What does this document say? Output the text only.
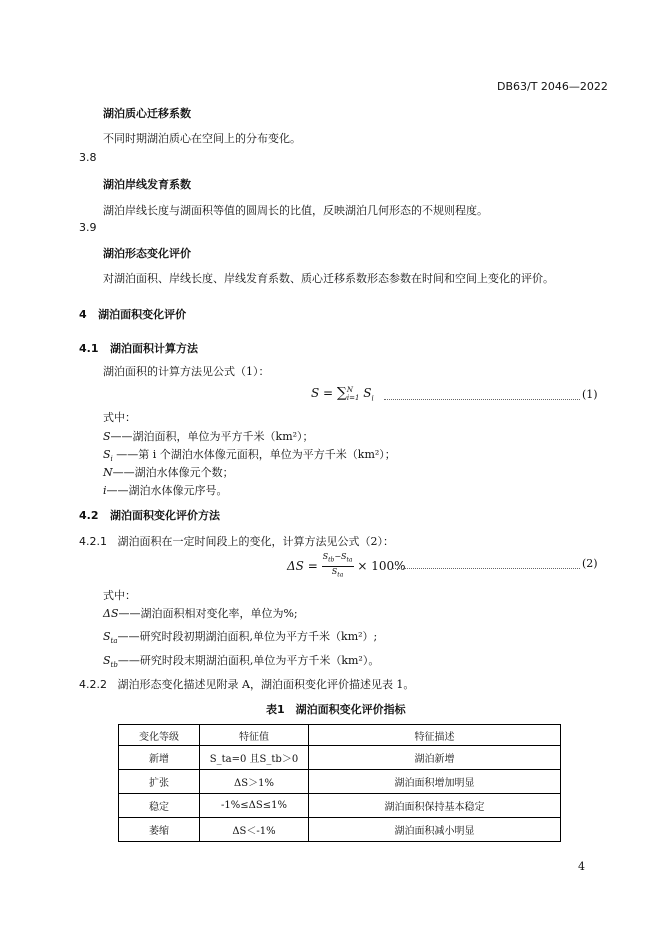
DB63/T 2046—2022
湖泊质心迁移系数
不同时期湖泊质心在空间上的分布变化。
3.8
湖泊岸线发育系数
湖泊岸线长度与湖面积等值的圆周长的比值，反映湖泊几何形态的不规则程度。
3.9
湖泊形态变化评价
对湖泊面积、岸线长度、岸线发育系数、质心迁移系数形态参数在时间和空间上变化的评价。
4 湖泊面积变化评价
4.1 湖泊面积计算方法
湖泊面积的计算方法见公式（1）：
S = ∑ N
i=1 $S_i$	(1)
式中：
S——湖泊面积，单位为平方千米（km²）；
$S_i$ ——第 i 个湖泊水体像元面积，单位为平方千米（km²）；
N——湖泊水体像元个数；
i——湖泊水体像元序号。
4.2 湖泊面积变化评价方法
4.2.1 湖泊面积在一定时间段上的变化，计算方法见公式（2）：
ΔS =
$S_{tb}-S_{ta}$
$S_{ta}$
× 100%	(2)
式中：
ΔS——湖泊面积相对变化率，单位为%;
$S_{ta}——$研究时段初期湖泊面积,单位为平方千米（km²）;
$S_{tb}——$研究时段末期湖泊面积,单位为平方千米（km²）。
4.2.2 湖泊形态变化描述见附录 A，湖泊面积变化评价描述见表 1。
表1　湖泊面积变化评价指标
变化等级	特征值	特征描述
新增	S_ta=0 且S_tb＞0	湖泊新增
扩张	ΔS＞1%	湖泊面积增加明显
稳定	-1%≤ΔS≤1%	湖泊面积保持基本稳定
萎缩	ΔS＜-1%	湖泊面积减小明显
4
